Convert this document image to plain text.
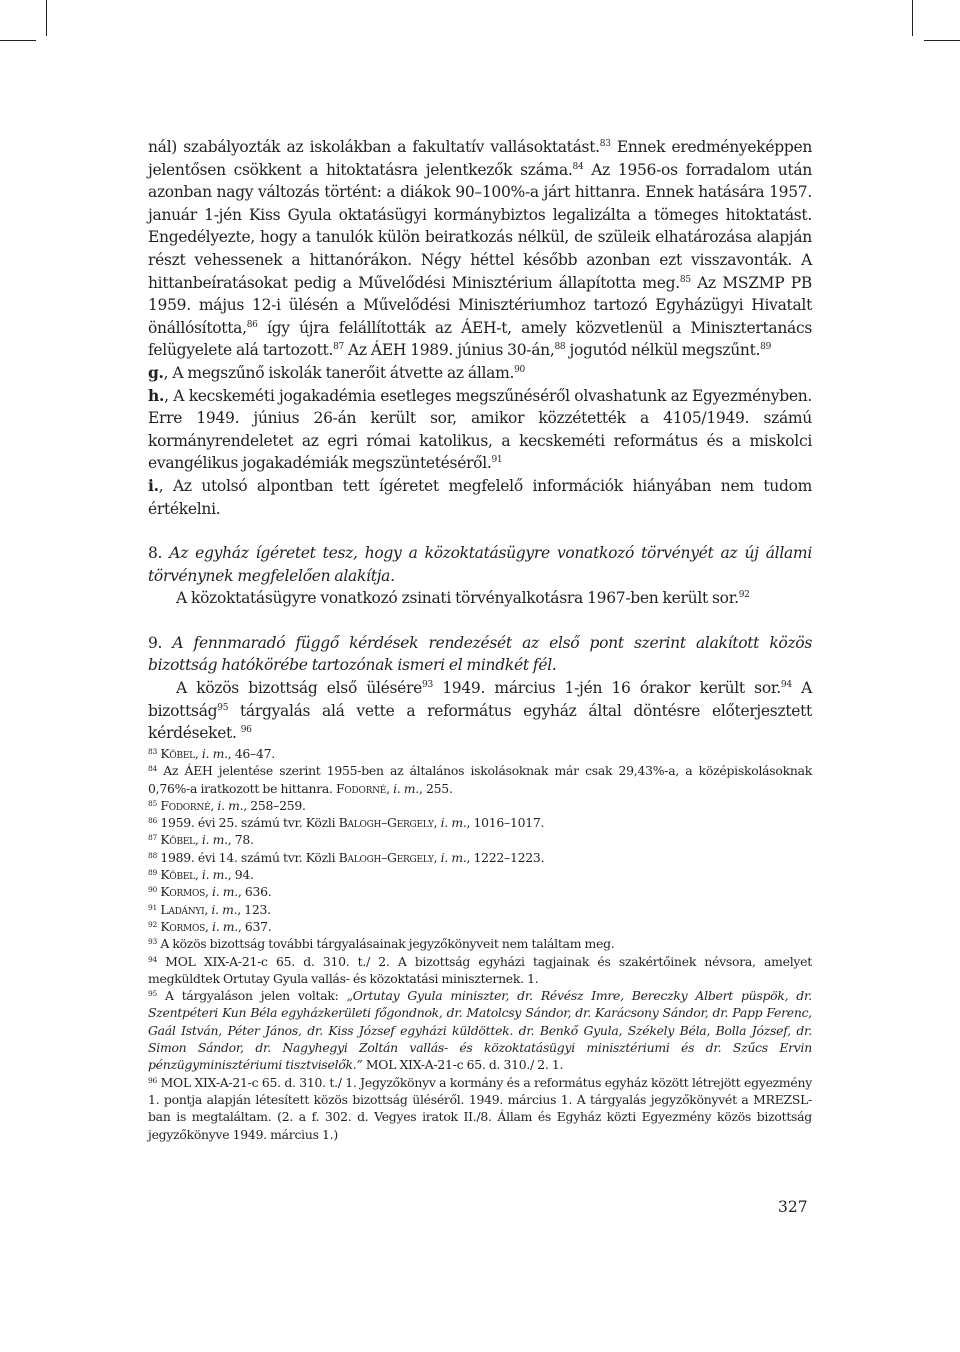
nál) szabályozták az iskolákban a fakultatív vallásoktatást.$^{83}$ Ennek eredményeképpen jelentősen csökkent a hitoktatásra jelentkezők száma.$^{84}$ Az 1956-os forradalom után azonban nagy változás történt: a diákok 90–100%-a járt hittanra. Ennek hatására 1957. január 1-jén Kiss Gyula oktatásügyi kormánybiztos legalizálta a tömeges hitoktatást. Engedélyezte, hogy a tanulók külön beiratkozás nélkül, de szüleik elhatározása alapján részt vehessenek a hittanórákon. Négy héttel később azonban ezt visszavonták. A hittanbeíratásokat pedig a Művelődési Minisztérium állapította meg.$^{85}$ Az MSZMP PB 1959. május 12-i ülésén a Művelődési Minisztériumhoz tartozó Egyházügyi Hivatalt önállósította,$^{86}$ így újra felállították az ÁEH-t, amely közvetlenül a Minisztertanács felügyelete alá tartozott.$^{87}$ Az ÁEH 1989. június 30-án,$^{88}$ jogutód nélkül megszűnt.$^{89}$

g., A megszűnő iskolák tanerőit átvette az állam.$^{90}$

h., A kecskeméti jogakadémia esetleges megszűnéséről olvashatunk az Egyezményben. Erre 1949. június 26-án került sor, amikor közzétették a 4105/1949. számú kormányrendeletet az egri római katolikus, a kecskeméti református és a miskolci evangélikus jogakadémiák megszüntetéséről.$^{91}$

i., Az utolsó alpontban tett ígéretet megfelelő információk hiányában nem tudom értékelni.

8. Az egyház ígéretet tesz, hogy a közoktatásügyre vonatkozó törvényét az új állami törvénynek megfelelően alakítja.

A közoktatásügyre vonatkozó zsinati törvényalkotásra 1967-ben került sor.$^{92}$

9. A fennmaradó függő kérdések rendezését az első pont szerint alakított közös bizottság hatókörébe tartozónak ismeri el mindkét fél.

A közös bizottság első ülésére$^{93}$ 1949. március 1-jén 16 órakor került sor.$^{94}$ A bizottság$^{95}$ tárgyalás alá vette a református egyház által döntésre előterjesztett kérdéseket. $^{96}$

$^{83}$ Köbel, i. m., 46–47.

$^{84}$ Az ÁEH jelentése szerint 1955-ben az általános iskolásoknak már csak 29,43%-a, a középiskolásoknak 0,76%-a iratkozott be hittanra. Fodorné, i. m., 255.

$^{85}$ Fodorné, i. m., 258–259.

$^{86}$ 1959. évi 25. számú tvr. Közli Balogh–Gergely, i. m., 1016–1017.

$^{87}$ Köbel, i. m., 78.

$^{88}$ 1989. évi 14. számú tvr. Közli Balogh–Gergely, i. m., 1222–1223.

$^{89}$ Köbel, i. m., 94.

$^{90}$ Kormos, i. m., 636.

$^{91}$ Ladányi, i. m., 123.

$^{92}$ Kormos, i. m., 637.

$^{93}$ A közös bizottság további tárgyalásainak jegyzőkönyveit nem találtam meg.

$^{94}$ MOL XIX-A-21-c 65. d. 310. t./ 2. A bizottság egyházi tagjainak és szakértőinek névsora, amelyet megküldtek Ortutay Gyula vallás- és közoktatási miniszternek. 1.

$^{95}$ A tárgyaláson jelen voltak: „Ortutay Gyula miniszter, dr. Révész Imre, Bereczky Albert püspök, dr. Szentpéteri Kun Béla egyházkerületi főgondnok, dr. Matolcsy Sándor, dr. Karácsony Sándor, dr. Papp Ferenc, Gaál István, Péter János, dr. Kiss József egyházi küldöttek. dr. Benkő Gyula, Székely Béla, Bolla József, dr. Simon Sándor, dr. Nagyhegyi Zoltán vallás- és közoktatásügyi minisztériumi és dr. Szűcs Ervin pénzügyminisztériumi tisztviselők.” MOL XIX-A-21-c 65. d. 310./ 2. 1.

$^{96}$ MOL XIX-A-21-c 65. d. 310. t./ 1. Jegyzőkönyv a kormány és a református egyház között létrejött egyezmény 1. pontja alapján létesített közös bizottság üléséről. 1949. március 1. A tárgyalás jegyzőkönyvét a MREZSL-ban is megtaláltam. (2. a f. 302. d. Vegyes iratok II./8. Állam és Egyház közti Egyezmény közös bizottság jegyzőkönyve 1949. március 1.)

327
